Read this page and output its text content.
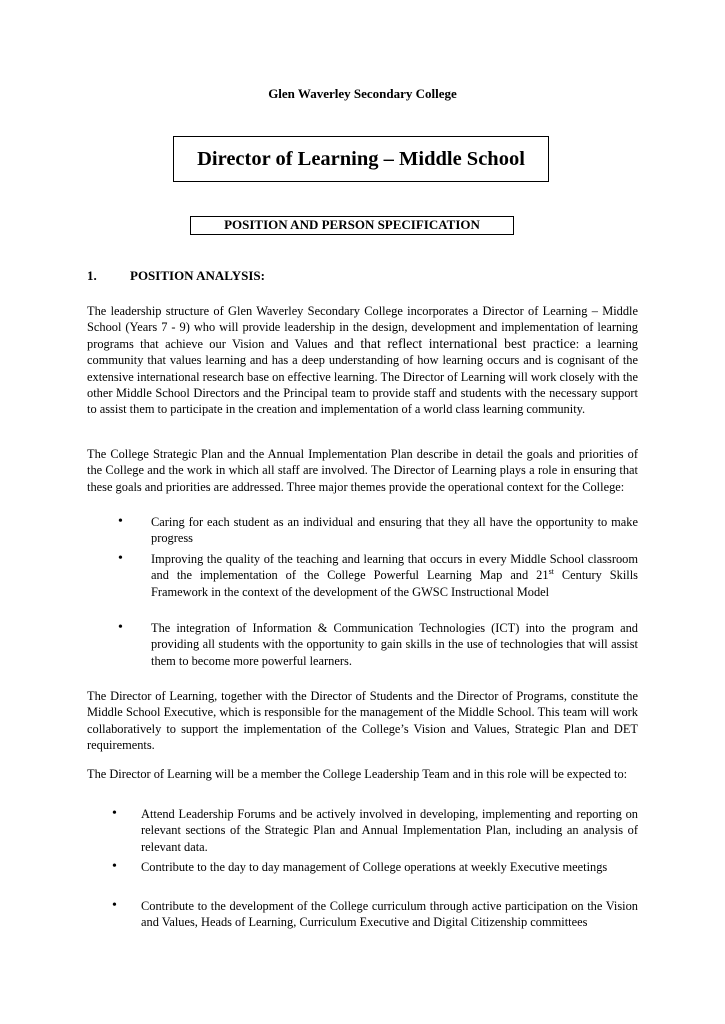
Glen Waverley Secondary College
Director of Learning – Middle School
POSITION AND PERSON SPECIFICATION
1.	POSITION ANALYSIS:
The leadership structure of Glen Waverley Secondary College incorporates a Director of Learning – Middle School (Years 7 - 9) who will provide leadership in the design, development and implementation of learning programs that achieve our Vision and Values and that reflect international best practice: a learning community that values learning and has a deep understanding of how learning occurs and is cognisant of the extensive international research base on effective learning. The Director of Learning will work closely with the other Middle School Directors and the Principal team to provide staff and students with the necessary support to assist them to participate in the creation and implementation of a world class learning community.
The College Strategic Plan and the Annual Implementation Plan describe in detail the goals and priorities of the College and the work in which all staff are involved. The Director of Learning plays a role in ensuring that these goals and priorities are addressed. Three major themes provide the operational context for the College:
• Caring for each student as an individual and ensuring that they all have the opportunity to make progress
• Improving the quality of the teaching and learning that occurs in every Middle School classroom and the implementation of the College Powerful Learning Map and 21st Century Skills Framework in the context of the development of the GWSC Instructional Model
• The integration of Information & Communication Technologies (ICT) into the program and providing all students with the opportunity to gain skills in the use of technologies that will assist them to become more powerful learners.
The Director of Learning, together with the Director of Students and the Director of Programs, constitute the Middle School Executive, which is responsible for the management of the Middle School. This team will work collaboratively to support the implementation of the College’s Vision and Values, Strategic Plan and DET requirements.
The Director of Learning will be a member the College Leadership Team and in this role will be expected to:
• Attend Leadership Forums and be actively involved in developing, implementing and reporting on relevant sections of the Strategic Plan and Annual Implementation Plan, including an analysis of relevant data.
• Contribute to the day to day management of College operations at weekly Executive meetings
• Contribute to the development of the College curriculum through active participation on the Vision and Values, Heads of Learning, Curriculum Executive and Digital Citizenship committees
